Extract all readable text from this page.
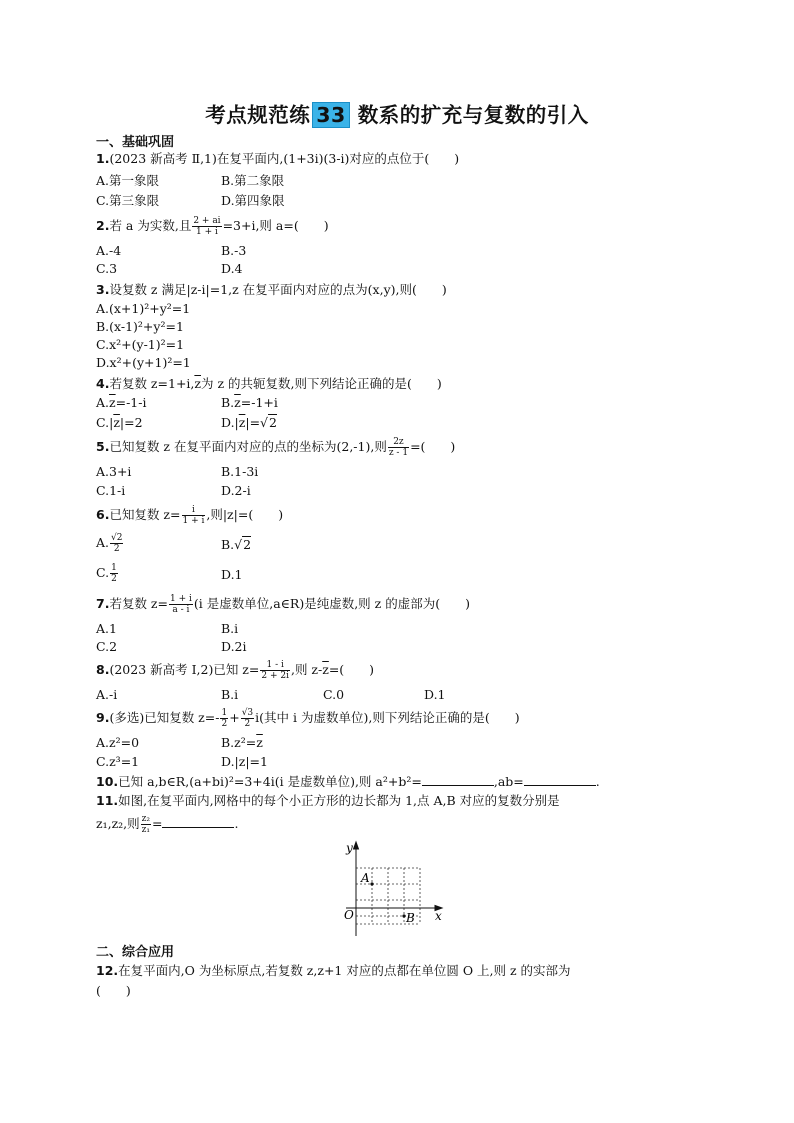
考点规范练 33 数系的扩充与复数的引入
一、基础巩固
1.(2023 新高考 Ⅱ,1)在复平面内,(1+3i)(3-i)对应的点位于(　　)
A.第一象限	B.第二象限
C.第三象限	D.第四象限
2.若 a 为实数,且 $\frac{2 + ai}{1 + i} =3+i$,则 a=(　　)
A.-4	B.-3
C.3	D.4
3.设复数 z 满足|z-i|=1,z 在复平面内对应的点为(x,y),则(　　)
A.(x+1)²+y²=1
B.(x-1)²+y²=1
C.x²+(y-1)²=1
D.x²+(y+1)²=1
4.若复数 $z=1+i,\overline{z}$为 z 的共轭复数,则下列结论正确的是(　　)
$A.\overline{z}=-1-i$	$B.\overline{z}=-1+i$
$C.|\overline{z}|=2$	$D.|\overline{z}|=√2$
5.已知复数 z 在复平面内对应的点的坐标为(2,-1),则 $\frac{2z}{z - 1}$ =(　　)
A.3+i	B.1-3i
C.1-i	D.2-i
6.已知复数 $z= \frac{i}{1 + i}$ ,则|z|=(　　)
A. $\frac{√2}{2}$	B.√2
C. $\frac{1}{2}$	D.1
7.若复数 $z= \frac{1 + i}{a - i} (i$ 是虚数单位,a∈R)是纯虚数,则 z 的虚部为(　　)
A.1	B.i
C.2	D.2i
8.(2023 新高考 Ⅰ,2)已知 $z= \frac{1 - i}{2 + 2i}$ ,则 $z-\overline{z}=$(　　)
A.-i	B.i	C.0	D.1
9.(多选)已知复数 $z=- \frac{1}{2} + \frac{√3}{2} i$(其中 i 为虚数单位),则下列结论正确的是(　　)
A.z²=0	$B.z^2=\overline{z}$
C.z³=1	D.|z|=1
10.已知 a,b∈R,(a+bi)²=3+4i(i 是虚数单位),则 a²+b²=	,ab=	.
11.如图,在复平面内,网格中的每个小正方形的边长都为 1,点 A,B 对应的复数分别是
z₁,z₂,则 $\frac{\text{z₂}}{\text{z₁}}$ =	.
y
x
O
A
B
二、综合应用
12.在复平面内,O 为坐标原点,若复数 z,z+1 对应的点都在单位圆 O 上,则 z 的实部为
(　　)
